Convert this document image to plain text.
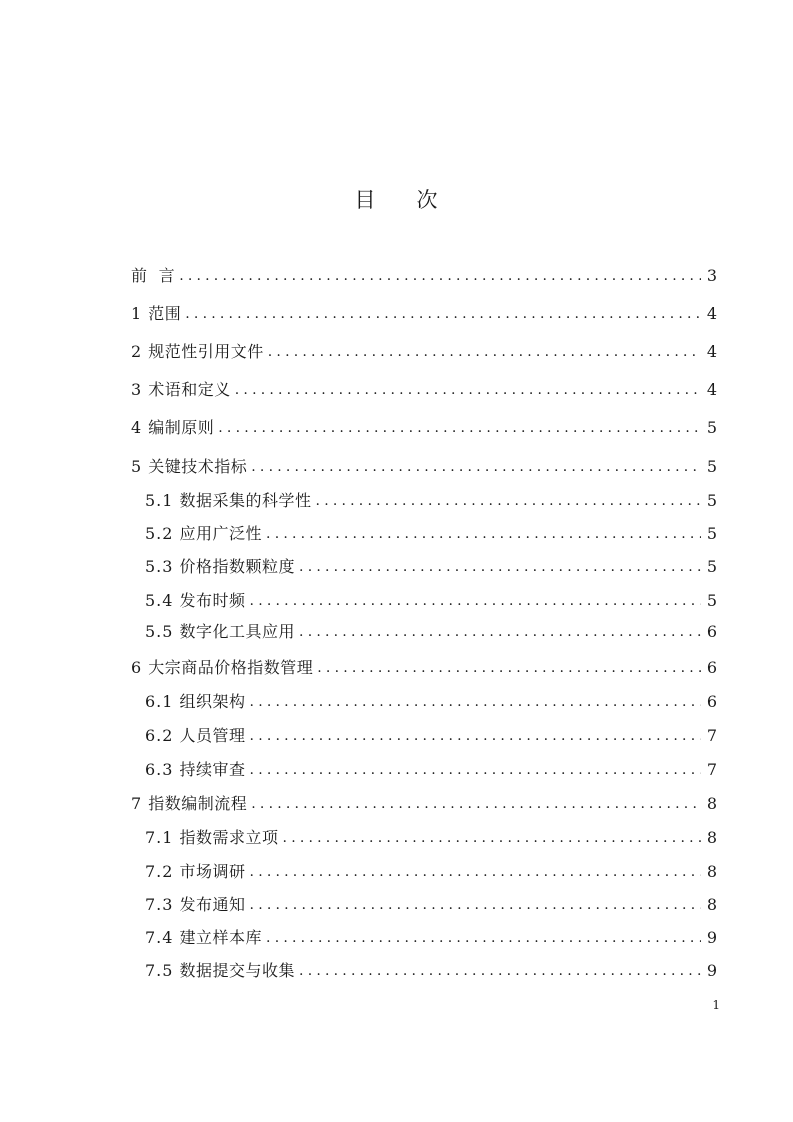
目 次
前  言 .....	3
1 范围 .....	4
2 规范性引用文件 .....	4
3 术语和定义 .....	4
4 编制原则 .....	5
5 关键技术指标 .....	5
5.1 数据采集的科学性 .....	5
5.2 应用广泛性 .....	5
5.3 价格指数颗粒度 .....	5
5.4 发布时频 .....	5
5.5 数字化工具应用 .....	6
6 大宗商品价格指数管理 .....	6
6.1 组织架构 .....	6
6.2 人员管理 .....	7
6.3 持续审查 .....	7
7 指数编制流程 .....	8
7.1 指数需求立项 .....	8
7.2 市场调研 .....	8
7.3 发布通知 .....	8
7.4 建立样本库 .....	9
7.5 数据提交与收集 .....	9
1
